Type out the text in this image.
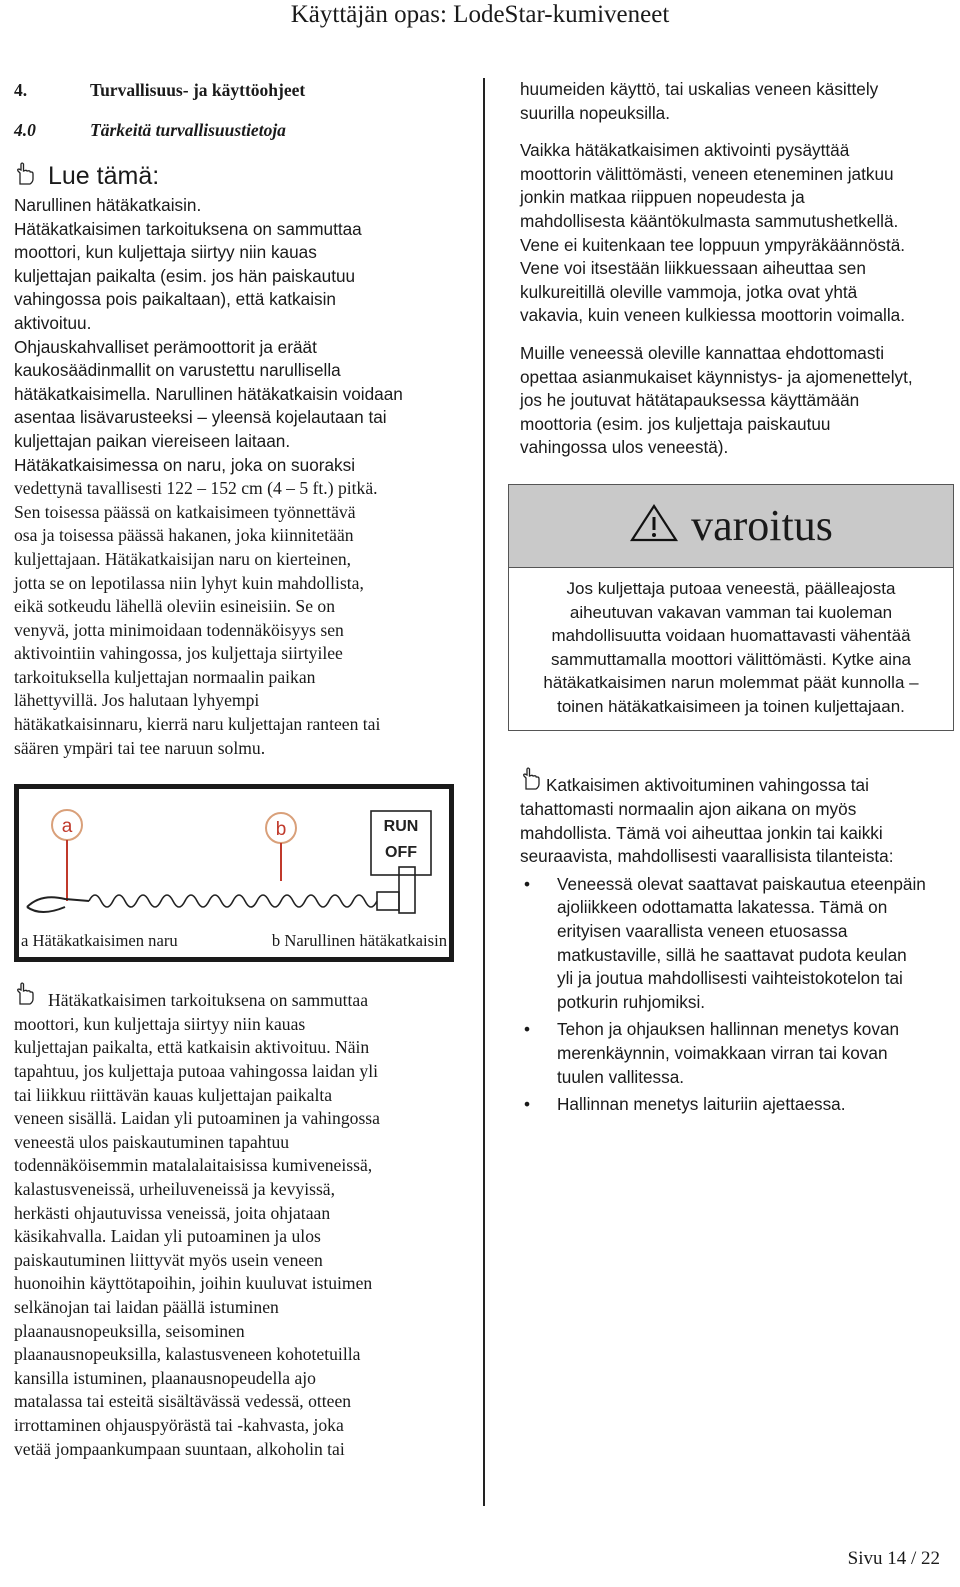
Käyttäjän opas: LodeStar-kumiveneet
4.	Turvallisuus- ja käyttöohjeet
4.0	Tärkeitä turvallisuustietoja
Lue tämä:
Narullinen hätäkatkaisin.
Hätäkatkaisimen tarkoituksena on sammuttaa
moottori, kun kuljettaja siirtyy niin kauas
kuljettajan paikalta (esim. jos hän paiskautuu
vahingossa pois paikaltaan), että katkaisin
aktivoituu.
Ohjauskahvalliset perämoottorit ja eräät
kaukosäädinmallit on varustettu narullisella
hätäkatkaisimella. Narullinen hätäkatkaisin voidaan
asentaa lisävarusteeksi – yleensä kojelautaan tai
kuljettajan paikan viereiseen laitaan.
Hätäkatkaisimessa on naru, joka on suoraksi
vedettynä tavallisesti 122 – 152 cm (4 – 5 ft.) pitkä.
Sen toisessa päässä on katkaisimeen työnnettävä
osa ja toisessa päässä hakanen, joka kiinnitetään
kuljettajaan. Hätäkatkaisijan naru on kierteinen,
jotta se on lepotilassa niin lyhyt kuin mahdollista,
eikä sotkeudu lähellä oleviin esineisiin. Se on
venyvä, jotta minimoidaan todennäköisyys sen
aktivointiin vahingossa, jos kuljettaja siirtyilee
tarkoituksella kuljettajan normaalin paikan
lähettyvillä. Jos halutaan lyhyempi
hätäkatkaisinnaru, kierrä naru kuljettajan ranteen tai
säären ympäri tai tee naruun solmu.
a	b	RUN
OFF
a Hätäkatkaisimen naru	b Narullinen hätäkatkaisin
Hätäkatkaisimen tarkoituksena on sammuttaa
moottori, kun kuljettaja siirtyy niin kauas
kuljettajan paikalta, että katkaisin aktivoituu. Näin
tapahtuu, jos kuljettaja putoaa vahingossa laidan yli
tai liikkuu riittävän kauas kuljettajan paikalta
veneen sisällä. Laidan yli putoaminen ja vahingossa
veneestä ulos paiskautuminen tapahtuu
todennäköisemmin matalalaitaisissa kumiveneissä,
kalastusveneissä, urheiluveneissä ja kevyissä,
herkästi ohjautuvissa veneissä, joita ohjataan
käsikahvalla. Laidan yli putoaminen ja ulos
paiskautuminen liittyvät myös usein veneen
huonoihin käyttötapoihin, joihin kuuluvat istuimen
selkänojan tai laidan päällä istuminen
plaanausnopeuksilla, seisominen
plaanausnopeuksilla, kalastusveneen kohotetuilla
kansilla istuminen, plaanausnopeudella ajo
matalassa tai esteitä sisältävässä vedessä, otteen
irrottaminen ohjauspyörästä tai -kahvasta, joka
vetää jompaankumpaan suuntaan, alkoholin tai
huumeiden käyttö, tai uskalias veneen käsittely
suurilla nopeuksilla.
Vaikka hätäkatkaisimen aktivointi pysäyttää
moottorin välittömästi, veneen eteneminen jatkuu
jonkin matkaa riippuen nopeudesta ja
mahdollisesta kääntökulmasta sammutushetkellä.
Vene ei kuitenkaan tee loppuun ympyräkäännöstä.
Vene voi itsestään liikkuessaan aiheuttaa sen
kulkureitillä oleville vammoja, jotka ovat yhtä
vakavia, kuin veneen kulkiessa moottorin voimalla.
Muille veneessä oleville kannattaa ehdottomasti
opettaa asianmukaiset käynnistys- ja ajomenettelyt,
jos he joutuvat hätätapauksessa käyttämään
moottoria (esim. jos kuljettaja paiskautuu
vahingossa ulos veneestä).
varoitus
Jos kuljettaja putoaa veneestä, päälleajosta
aiheutuvan vakavan vamman tai kuoleman
mahdollisuutta voidaan huomattavasti vähentää
sammuttamalla moottori välittömästi. Kytke aina
hätäkatkaisimen narun molemmat päät kunnolla –
toinen hätäkatkaisimeen ja toinen kuljettajaan.
Katkaisimen aktivoituminen vahingossa tai
tahattomasti normaalin ajon aikana on myös
mahdollista. Tämä voi aiheuttaa jonkin tai kaikki
seuraavista, mahdollisesti vaarallisista tilanteista:
•	Veneessä olevat saattavat paiskautua eteenpäin
ajoliikkeen odottamatta lakatessa. Tämä on
erityisen vaarallista veneen etuosassa
matkustaville, sillä he saattavat pudota keulan
yli ja joutua mahdollisesti vaihteistokotelon tai
potkurin ruhjomiksi.
•	Tehon ja ohjauksen hallinnan menetys kovan
merenkäynnin, voimakkaan virran tai kovan
tuulen vallitessa.
•	Hallinnan menetys laituriin ajettaessa.
Sivu 14 / 22
